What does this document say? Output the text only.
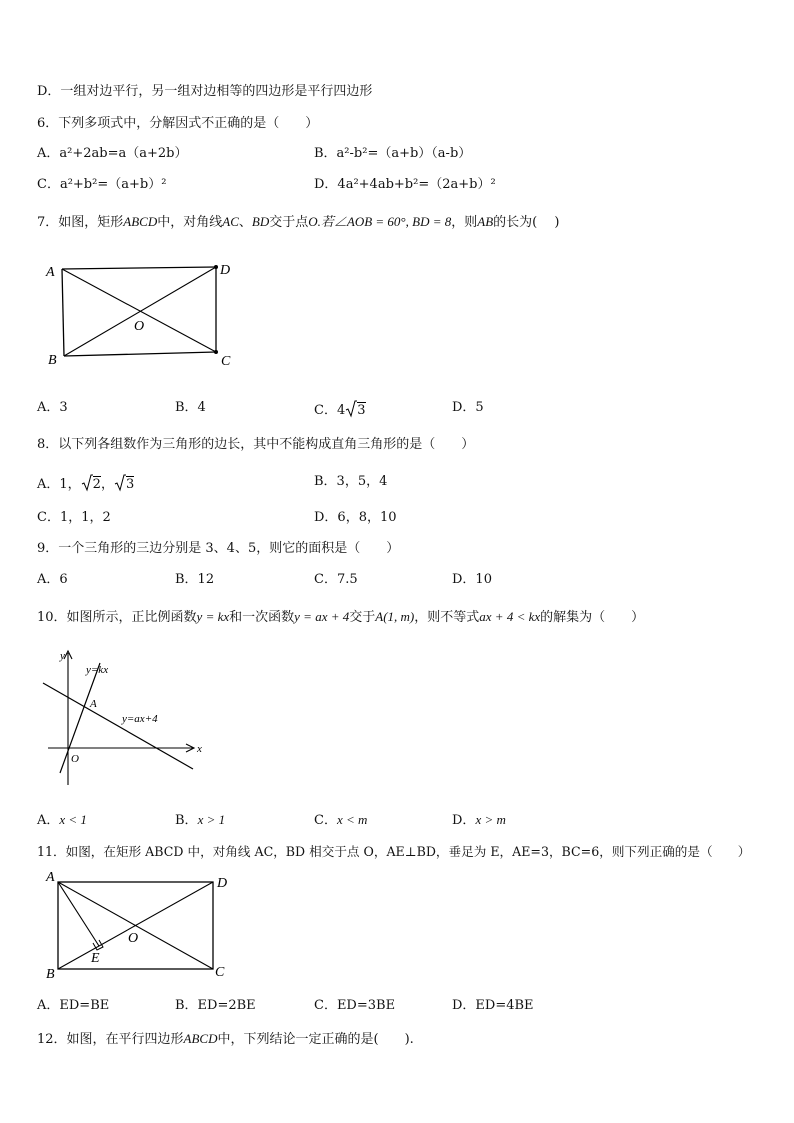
D．一组对边平行，另一组对边相等的四边形是平行四边形
6．下列多项式中，分解因式不正确的是（　　）
A．a²+2ab=a（a+2b）	B．a²-b²=（a+b）（a-b）
C．a²+b²=（a+b）²	D．4a²+4ab+b²=（2a+b）²
7．如图，矩形ABCD中，对角线AC、BD交于点O.若∠AOB = 60°, BD = 8，则AB的长为(　 )
A	D
B	C
O
A．3	B．4	C．4 3	D．5
8．以下列各组数作为三角形的边长，其中不能构成直角三角形的是（　　）
A．1， 2， 3	B．3，5，4
C．1，1，2	D．6，8，10
9．一个三角形的三边分别是 3、4、5，则它的面积是（　　）
A．6	B．12	C．7.5	D．10
10．如图所示，正比例函数y = kx和一次函数y = ax + 4交于A(1, m)，则不等式ax + 4 < kx的解集为（　　）
y
x
O
A
y=kx
y=ax+4
A．x < 1	B．x > 1	C．x < m	D．x > m
11．如图，在矩形 ABCD 中，对角线 AC，BD 相交于点 O，AE⊥BD，垂足为 E，AE=3，BC=6，则下列正确的是（　　）
A	D
B	C
O
E
A．ED=BE	B．ED=2BE	C．ED=3BE	D．ED=4BE
12．如图，在平行四边形ABCD中，下列结论一定正确的是(　　).
